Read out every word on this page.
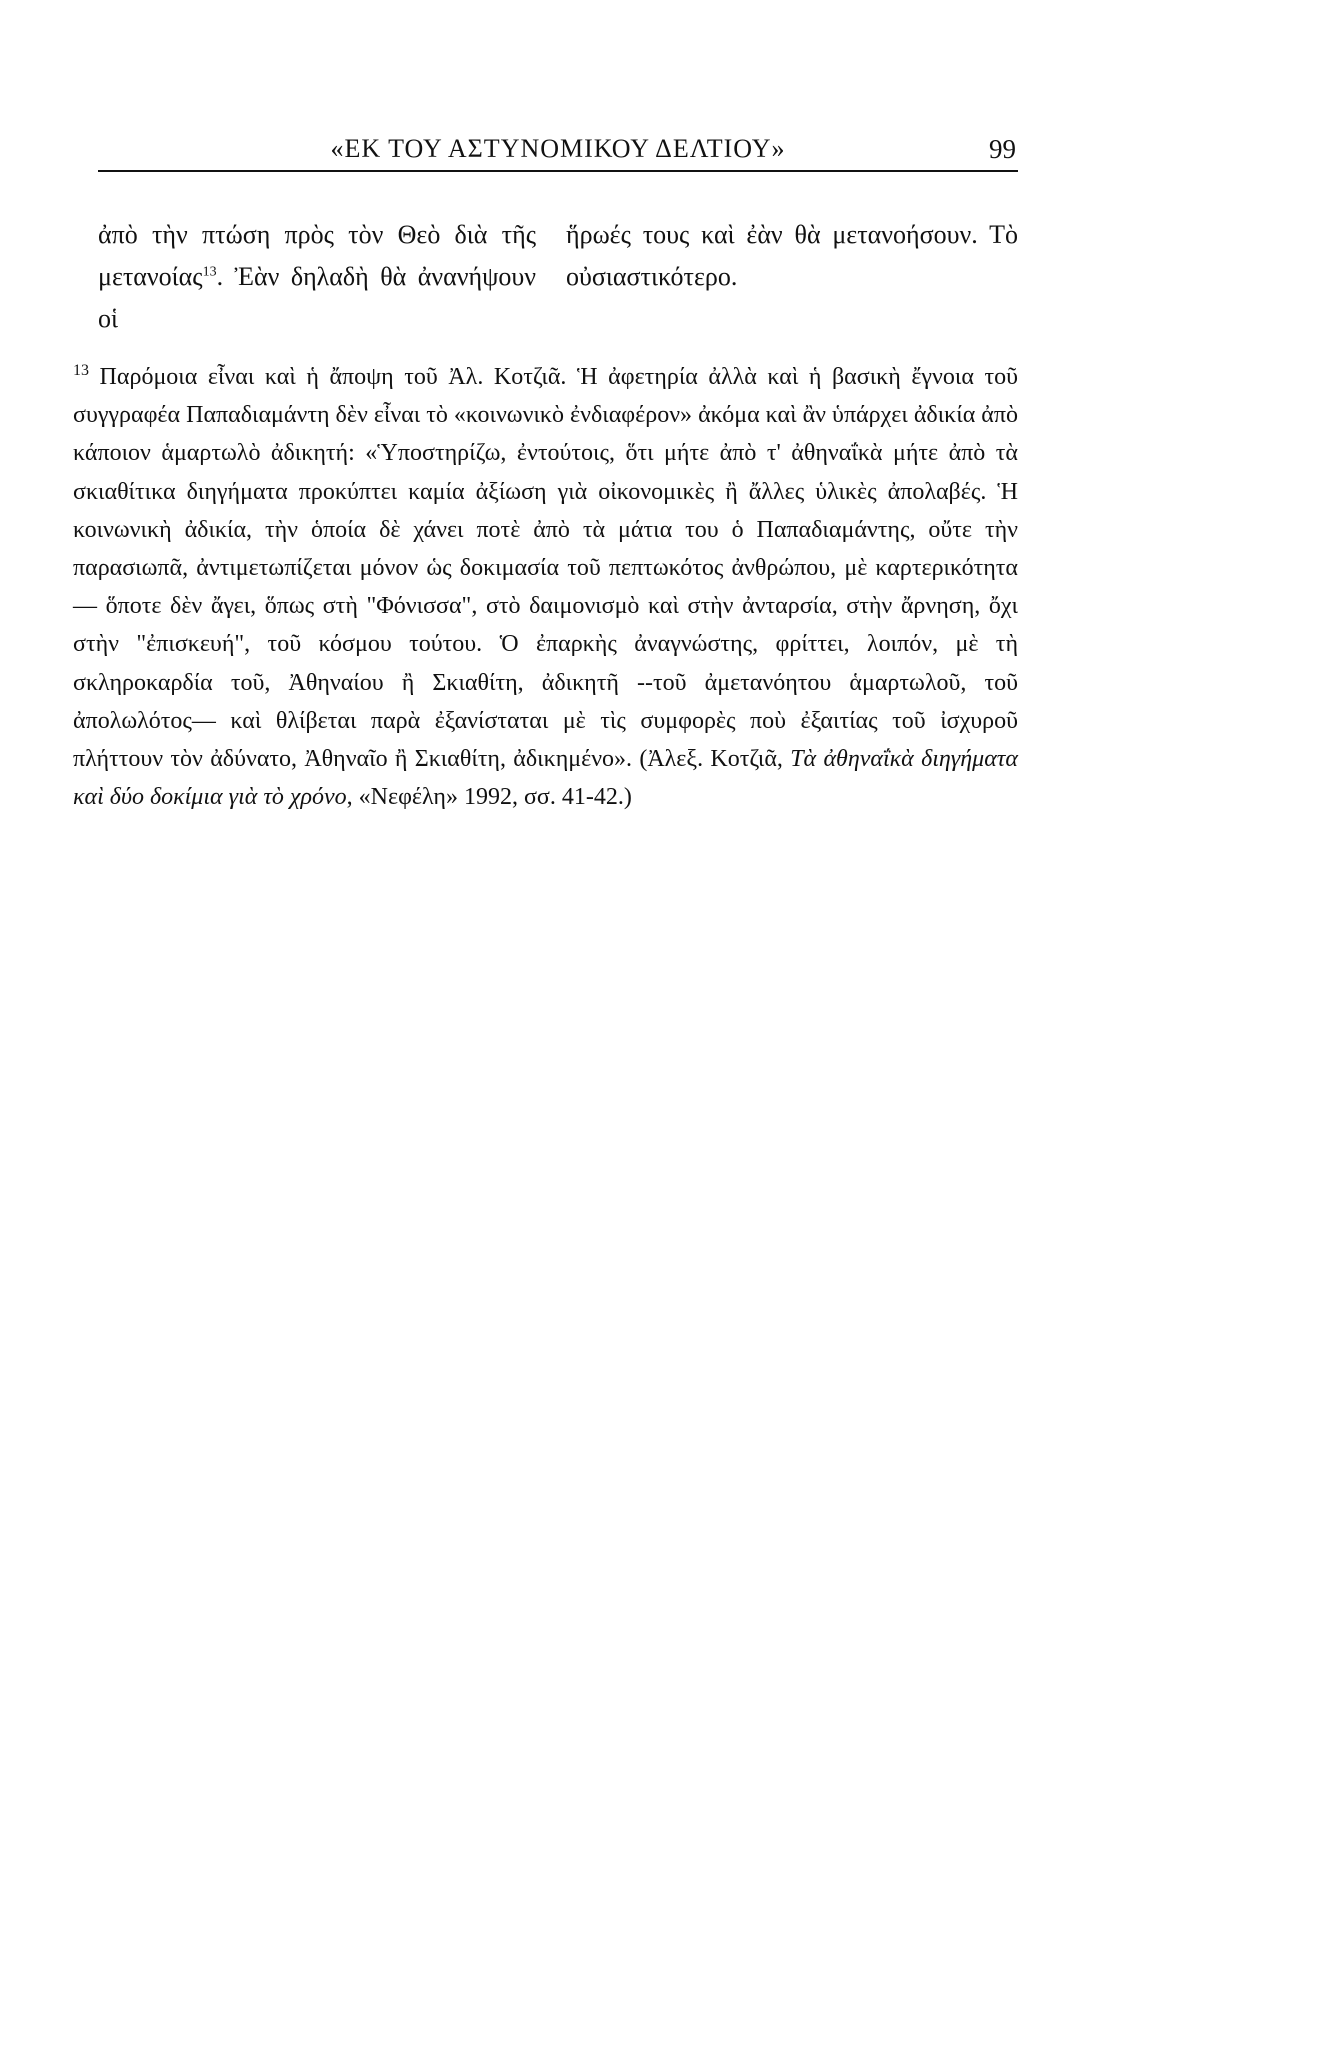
«ΕΚ ΤΟΥ ΑΣΤΥΝΟΜΙΚΟΥ ΔΕΛΤΙΟΥ»	99
ἀπὸ τὴν πτώση πρὸς τὸν Θεὸ διὰ τῆς μετανοίας$^{13}$. Ἐὰν δηλαδὴ θὰ ἀνανήψουν οἱ
ἥρωές τους καὶ ἐὰν θὰ μετανοήσουν. Τὸ οὐσιαστικότερο.
$^{13}$ Παρόμοια εἶναι καὶ ἡ ἄποψη τοῦ Ἀλ. Κοτζιᾶ. Ἡ ἀφετηρία ἀλλὰ καὶ ἡ βασικὴ ἔγνοια τοῦ συγγραφέα Παπαδιαμάντη δὲν εἶναι τὸ «κοινωνικὸ ἐνδιαφέρον» ἀκόμα καὶ ἂν ὑπάρχει ἀδικία ἀπὸ κάποιον ἁμαρτωλὸ ἀδικητή: «Ὑποστηρίζω, ἐντούτοις, ὅτι μήτε ἀπὸ τ' ἀθηναΐκὰ μήτε ἀπὸ τὰ σκιαθίτικα διηγήματα προκύπτει καμία ἀξίωση γιὰ οἰκονομικὲς ἢ ἄλλες ὑλικὲς ἀπολαβές. Ἡ κοινωνικὴ ἀδικία, τὴν ὁποία δὲ χάνει ποτὲ ἀπὸ τὰ μάτια του ὁ Παπαδιαμάντης, οὔτε τὴν παρασιωπᾶ, ἀντιμετωπίζεται μόνον ὡς δοκιμασία τοῦ πεπτωκότος ἀνθρώπου, μὲ καρτερικότητα — ὅποτε δὲν ἄγει, ὅπως στὴ "Φόνισσα", στὸ δαιμονισμὸ καὶ στὴν ἀνταρσία, στὴν ἄρνηση, ὄχι στὴν "ἐπισκευή", τοῦ κόσμου τούτου. Ὁ ἐπαρκὴς ἀναγνώστης, φρίττει, λοιπόν, μὲ τὴ σκληροκαρδία τοῦ, Ἀθηναίου ἢ Σκιαθίτη, ἀδικητῆ --τοῦ ἀμετανόητου ἁμαρτωλοῦ, τοῦ ἀπολωλότος— καὶ θλίβεται παρὰ ἐξανίσταται μὲ τὶς συμφορὲς ποὺ ἐξαιτίας τοῦ ἰσχυροῦ πλήττουν τὸν ἀδύνατο, Ἀθηναῖο ἢ Σκιαθίτη, ἀδικημένο». (Ἀλεξ. Κοτζιᾶ, Τὰ ἀθηναΐκὰ διηγήματα καὶ δύο δοκίμια γιὰ τὸ χρόνο, «Νεφέλη» 1992, σσ. 41-42.)
